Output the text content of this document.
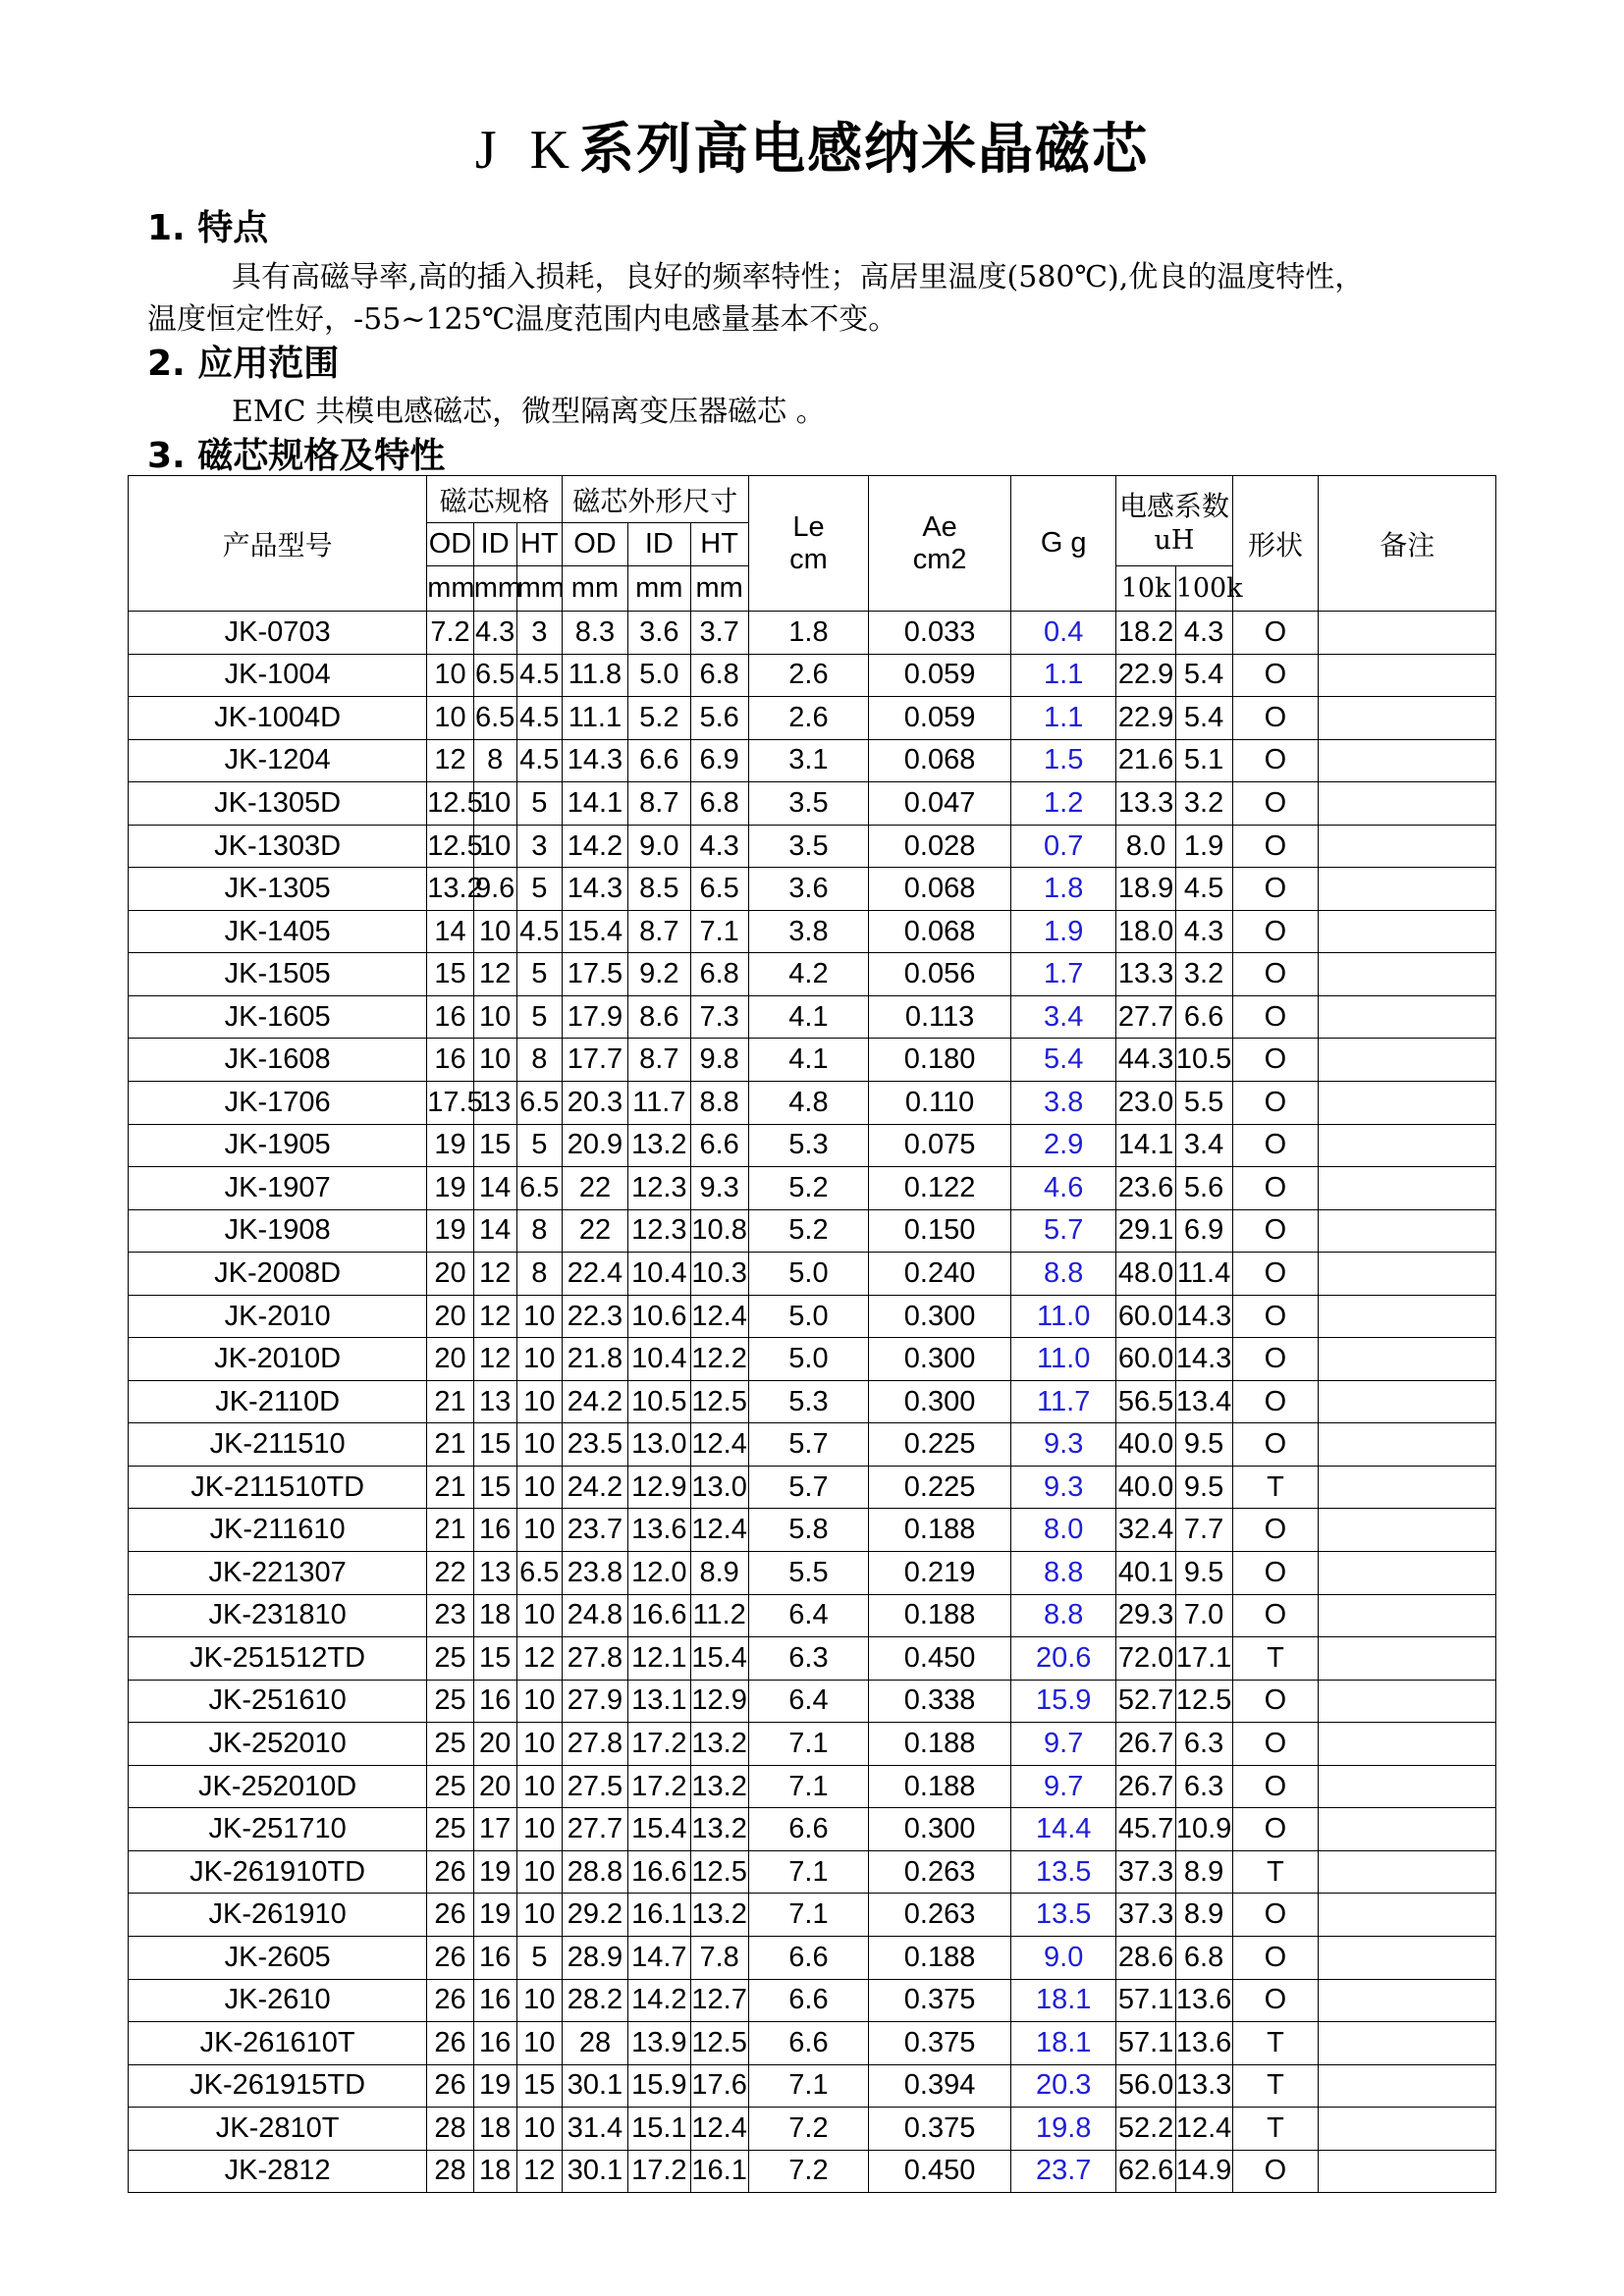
J K系列高电感纳米晶磁芯
1. 特点
具有高磁导率,高的插入损耗，良好的频率特性；高居里温度(580℃),优良的温度特性，
温度恒定性好，-55~125℃温度范围内电感量基本不变。
2. 应用范围
EMC 共模电感磁芯，微型隔离变压器磁芯 。
3. 磁芯规格及特性
产品型号	磁芯规格			磁芯外形尺寸			Le
cm	Ae
cm2	G g	电感系数
uH		形状	备注
	OD	ID	HT	OD	ID	HT							
	mm	mm	mm	mm	mm	mm				10k	100k		
JK-0703	7.2	4.3	3	8.3	3.6	3.7	1.8	0.033	0.4	18.2	4.3	O	
JK-1004	10	6.5	4.5	11.8	5.0	6.8	2.6	0.059	1.1	22.9	5.4	O	
JK-1004D	10	6.5	4.5	11.1	5.2	5.6	2.6	0.059	1.1	22.9	5.4	O	
JK-1204	12	8	4.5	14.3	6.6	6.9	3.1	0.068	1.5	21.6	5.1	O	
JK-1305D	12.5	10	5	14.1	8.7	6.8	3.5	0.047	1.2	13.3	3.2	O	
JK-1303D	12.5	10	3	14.2	9.0	4.3	3.5	0.028	0.7	8.0	1.9	O	
JK-1305	13.2	9.6	5	14.3	8.5	6.5	3.6	0.068	1.8	18.9	4.5	O	
JK-1405	14	10	4.5	15.4	8.7	7.1	3.8	0.068	1.9	18.0	4.3	O	
JK-1505	15	12	5	17.5	9.2	6.8	4.2	0.056	1.7	13.3	3.2	O	
JK-1605	16	10	5	17.9	8.6	7.3	4.1	0.113	3.4	27.7	6.6	O	
JK-1608	16	10	8	17.7	8.7	9.8	4.1	0.180	5.4	44.3	10.5	O	
JK-1706	17.5	13	6.5	20.3	11.7	8.8	4.8	0.110	3.8	23.0	5.5	O	
JK-1905	19	15	5	20.9	13.2	6.6	5.3	0.075	2.9	14.1	3.4	O	
JK-1907	19	14	6.5	22	12.3	9.3	5.2	0.122	4.6	23.6	5.6	O	
JK-1908	19	14	8	22	12.3	10.8	5.2	0.150	5.7	29.1	6.9	O	
JK-2008D	20	12	8	22.4	10.4	10.3	5.0	0.240	8.8	48.0	11.4	O	
JK-2010	20	12	10	22.3	10.6	12.4	5.0	0.300	11.0	60.0	14.3	O	
JK-2010D	20	12	10	21.8	10.4	12.2	5.0	0.300	11.0	60.0	14.3	O	
JK-2110D	21	13	10	24.2	10.5	12.5	5.3	0.300	11.7	56.5	13.4	O	
JK-211510	21	15	10	23.5	13.0	12.4	5.7	0.225	9.3	40.0	9.5	O	
JK-211510TD	21	15	10	24.2	12.9	13.0	5.7	0.225	9.3	40.0	9.5	T	
JK-211610	21	16	10	23.7	13.6	12.4	5.8	0.188	8.0	32.4	7.7	O	
JK-221307	22	13	6.5	23.8	12.0	8.9	5.5	0.219	8.8	40.1	9.5	O	
JK-231810	23	18	10	24.8	16.6	11.2	6.4	0.188	8.8	29.3	7.0	O	
JK-251512TD	25	15	12	27.8	12.1	15.4	6.3	0.450	20.6	72.0	17.1	T	
JK-251610	25	16	10	27.9	13.1	12.9	6.4	0.338	15.9	52.7	12.5	O	
JK-252010	25	20	10	27.8	17.2	13.2	7.1	0.188	9.7	26.7	6.3	O	
JK-252010D	25	20	10	27.5	17.2	13.2	7.1	0.188	9.7	26.7	6.3	O	
JK-251710	25	17	10	27.7	15.4	13.2	6.6	0.300	14.4	45.7	10.9	O	
JK-261910TD	26	19	10	28.8	16.6	12.5	7.1	0.263	13.5	37.3	8.9	T	
JK-261910	26	19	10	29.2	16.1	13.2	7.1	0.263	13.5	37.3	8.9	O	
JK-2605	26	16	5	28.9	14.7	7.8	6.6	0.188	9.0	28.6	6.8	O	
JK-2610	26	16	10	28.2	14.2	12.7	6.6	0.375	18.1	57.1	13.6	O	
JK-261610T	26	16	10	28	13.9	12.5	6.6	0.375	18.1	57.1	13.6	T	
JK-261915TD	26	19	15	30.1	15.9	17.6	7.1	0.394	20.3	56.0	13.3	T	
JK-2810T	28	18	10	31.4	15.1	12.4	7.2	0.375	19.8	52.2	12.4	T	
JK-2812	28	18	12	30.1	17.2	16.1	7.2	0.450	23.7	62.6	14.9	O	
